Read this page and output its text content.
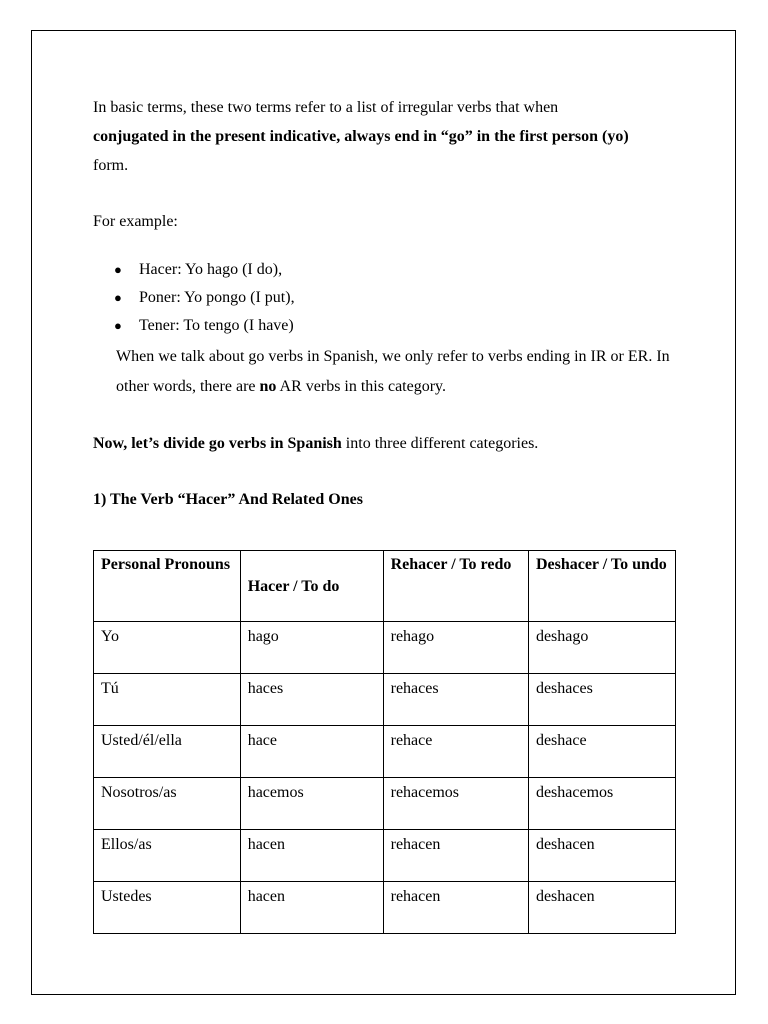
In basic terms, these two terms refer to a list of irregular verbs that when
conjugated in the present indicative, always end in “go” in the first person (yo)
form.

For example:

● Hacer: Yo hago (I do),
● Poner: Yo pongo (I put),
● Tener: To tengo (I have)

When we talk about go verbs in Spanish, we only refer to verbs ending in IR or ER. In other words, there are no AR verbs in this category.

Now, let’s divide go verbs in Spanish into three different categories.

1) The Verb “Hacer” And Related Ones
Personal Pronouns	Hacer / To do	Rehacer / To redo	Deshacer / To undo
Yo	hago	rehago	deshago
Tú	haces	rehaces	deshaces
Usted/él/ella	hace	rehace	deshace
Nosotros/as	hacemos	rehacemos	deshacemos
Ellos/as	hacen	rehacen	deshacen
Ustedes	hacen	rehacen	deshacen
